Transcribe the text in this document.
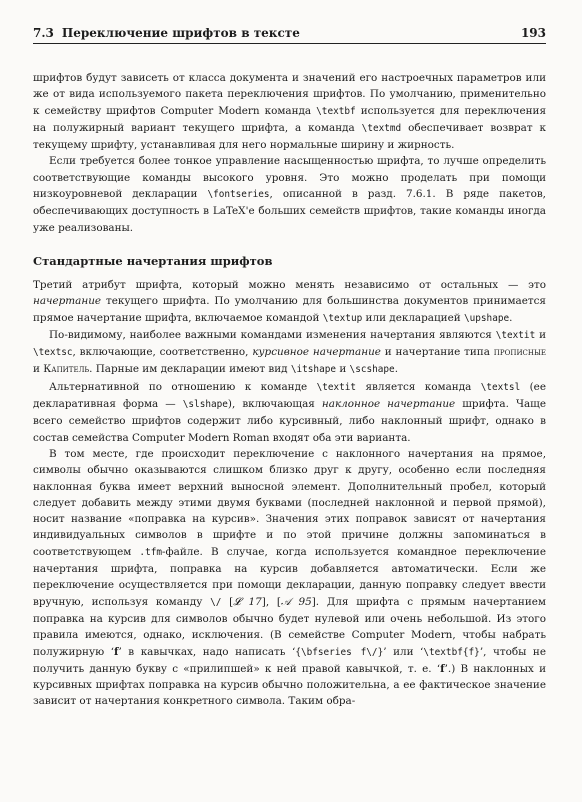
7.3 Переключение шрифтов в тексте	193

шрифтов будут зависеть от класса документа и значений его настроечных параметров или же от вида используемого пакета переключения шрифтов. По умолчанию, применительно к семейству шрифтов Computer Modern команда \textbf используется для переключения на полужирный вариант текущего шрифта, а команда \textmd обеспечивает возврат к текущему шрифту, устанавливая для него нормальные ширину и жирность.

Если требуется более тонкое управление насыщенностью шрифта, то лучше определить соответствующие команды высокого уровня. Это можно проделать при помощи низкоуровневой декларации \fontseries, описанной в разд. 7.6.1. В ряде пакетов, обеспечивающих доступность в LaTeX'е больших семейств шрифтов, такие команды иногда уже реализованы.

Стандартные начертания шрифтов

Третий атрибут шрифта, который можно менять независимо от остальных — это начертание текущего шрифта. По умолчанию для большинства документов принимается прямое начертание шрифта, включаемое командой \textup или декларацией \upshape.

По-видимому, наиболее важными командами изменения начертания являются \textit и \textsc, включающие, соответственно, курсивное начертание и начертание типа прописные и Капитель. Парные им декларации имеют вид \itshape и \scshape.

Альтернативной по отношению к команде \textit является команда \textsl (ее декларативная форма — \slshape), включающая наклонное начертание шрифта. Чаще всего семейство шрифтов содержит либо курсивный, либо наклонный шрифт, однако в состав семейства Computer Modern Roman входят оба эти варианта.

В том месте, где происходит переключение с наклонного начертания на прямое, символы обычно оказываются слишком близко друг к другу, особенно если последняя наклонная буква имеет верхний выносной элемент. Дополнительный пробел, который следует добавить между этими двумя буквами (последней наклонной и первой прямой), носит название «поправка на курсив». Значения этих поправок зависят от начертания индивидуальных символов в шрифте и по этой причине должны запоминаться в соответствующем .tfm-файле. В случае, когда используется командное переключение начертания шрифта, поправка на курсив добавляется автоматически. Если же переключение осуществляется при помощи декларации, данную поправку следует ввести вручную, используя команду \/ [𝓛 17], [𝒜 95]. Для шрифта с прямым начертанием поправка на курсив для символов обычно будет нулевой или очень небольшой. Из этого правила имеются, однако, исключения. (В семействе Computer Modern, чтобы набрать полужирную ‘f’ в кавычках, надо написать ‘{\bfseries f\/}’ или ‘\textbf{f}’, чтобы не получить данную букву с «прилипшей» к ней правой кавычкой, т. е. ‘f’.) В наклонных и курсивных шрифтах поправка на курсив обычно положительна, а ее фактическое значение зависит от начертания конкретного символа. Таким обра-
